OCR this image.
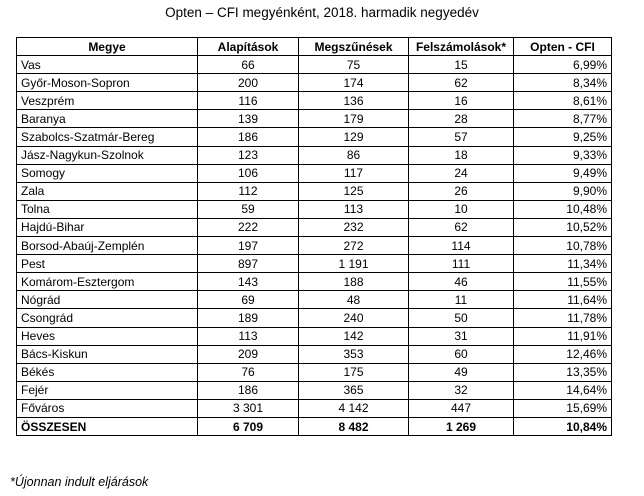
Opten – CFI megyénként, 2018. harmadik negyedév
Megye	Alapítások	Megszűnések	Felszámolások*	Opten - CFI
Vas	66	75	15	6,99%
Győr-Moson-Sopron	200	174	62	8,34%
Veszprém	116	136	16	8,61%
Baranya	139	179	28	8,77%
Szabolcs-Szatmár-Bereg	186	129	57	9,25%
Jász-Nagykun-Szolnok	123	86	18	9,33%
Somogy	106	117	24	9,49%
Zala	112	125	26	9,90%
Tolna	59	113	10	10,48%
Hajdú-Bihar	222	232	62	10,52%
Borsod-Abaúj-Zemplén	197	272	114	10,78%
Pest	897	1 191	111	11,34%
Komárom-Esztergom	143	188	46	11,55%
Nógrád	69	48	11	11,64%
Csongrád	189	240	50	11,78%
Heves	113	142	31	11,91%
Bács-Kiskun	209	353	60	12,46%
Békés	76	175	49	13,35%
Fejér	186	365	32	14,64%
Főváros	3 301	4 142	447	15,69%
ÖSSZESEN	6 709	8 482	1 269	10,84%
*Újonnan indult eljárások
